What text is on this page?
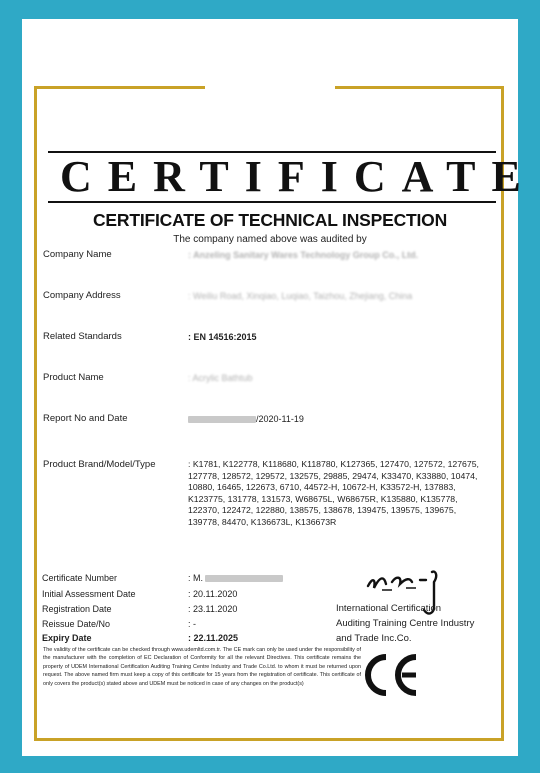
CERTIFICATE
CERTIFICATE OF TECHNICAL INSPECTION
The company named above was audited by
Company Name	: Anzeling Sanitary Wares Technology Group Co., Ltd.
Company Address	: Weiliu Road, Xinqiao, Luqiao, Taizhou, Zhejiang, China
Related Standards	: EN 14516:2015
Product Name	: Acrylic Bathtub
Report No and Date	/2020-11-19
Product Brand/Model/Type	: K1781, K122778, K118680, K118780, K127365, 127470, 127572, 127675, 127778, 128572, 129572, 132575, 29885, 29474, K33470, K33880, 10474, 10880, 16465, 122673, 6710, 44572-H, 10672-H, K33572-H, 137883, K123775, 131778, 131573, W68675L, W68675R, K135880, K135778, 122370, 122472, 122880, 138575, 138678, 139475, 139575, 139675, 139778, 84470, K136673L, K136673R
Certificate Number	: M.
Initial Assessment Date	: 20.11.2020
Registration Date	: 23.11.2020
Reissue Date/No	: -
Expiry Date	: 22.11.2025
International Certification
Auditing Training Centre Industry
and Trade Inc.Co.
The validity of the certificate can be checked through www.udemltd.com.tr. The CE mark can only be used under the responsibility of the manufacturer with the completion of EC Declaration of Conformity for all the relevant Directives. This certificate remains the property of UDEM International Certification Auditing Training Centre Industry and Trade Co.Ltd. to whom it must be returned upon request. The above named firm must keep a copy of this certificate for 15 years from the registration of certificate. This certificate of only covers the product(s) stated above and UDEM must be noticed in case of any changes on the product(s)
